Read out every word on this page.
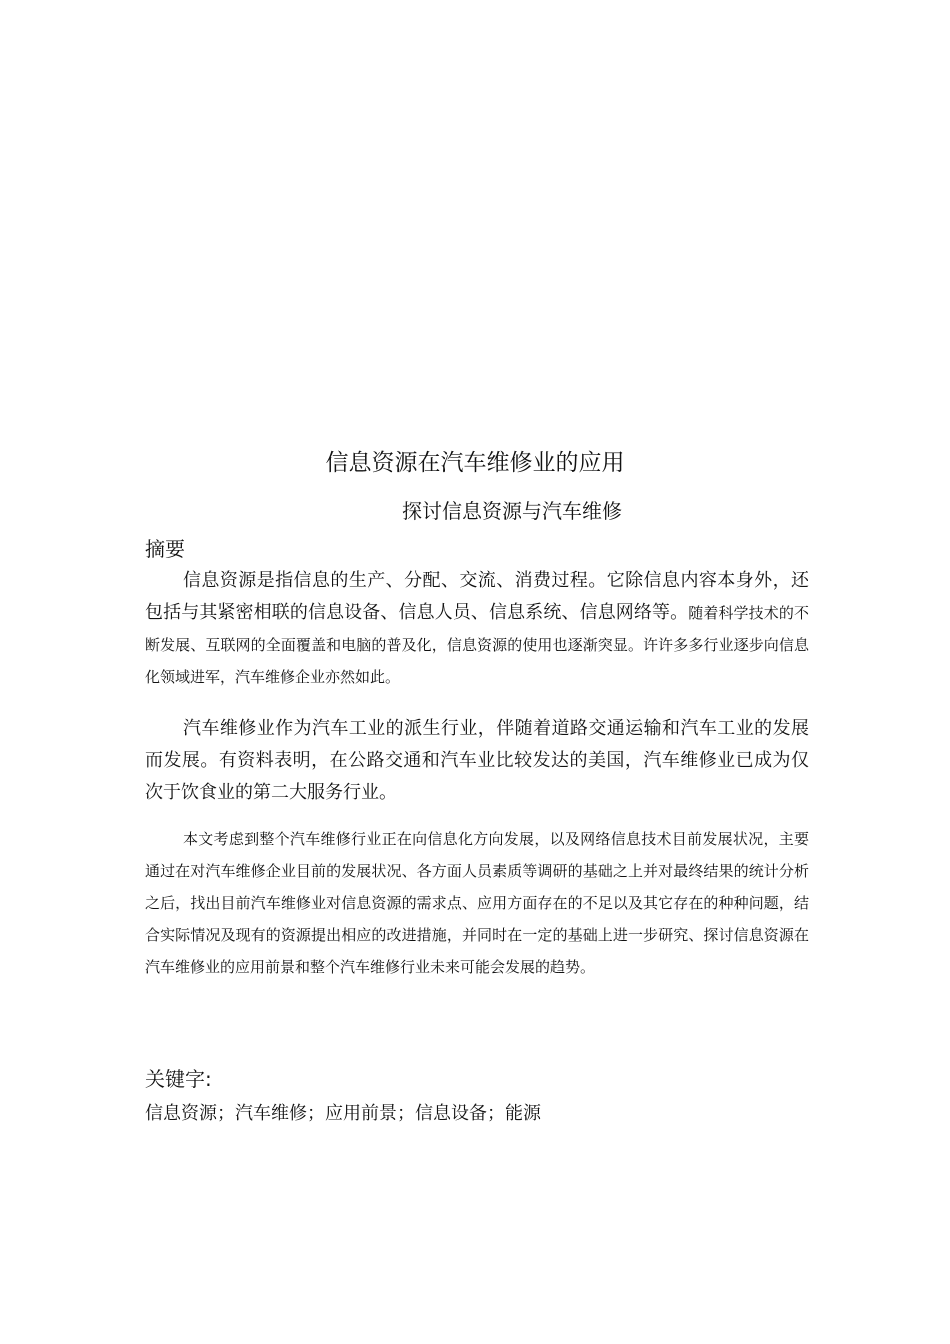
信息资源在汽车维修业的应用
探讨信息资源与汽车维修
摘要

信息资源是指信息的生产、分配、交流、消费过程。它除信息内容本身外，还包括与其紧密相联的信息设备、信息人员、信息系统、信息网络等。随着科学技术的不断发展、互联网的全面覆盖和电脑的普及化，信息资源的使用也逐渐突显。许许多多行业逐步向信息化领域进军，汽车维修企业亦然如此。

汽车维修业作为汽车工业的派生行业，伴随着道路交通运输和汽车工业的发展而发展。有资料表明，在公路交通和汽车业比较发达的美国，汽车维修业已成为仅次于饮食业的第二大服务行业。

本文考虑到整个汽车维修行业正在向信息化方向发展，以及网络信息技术目前发展状况，主要通过在对汽车维修企业目前的发展状况、各方面人员素质等调研的基础之上并对最终结果的统计分析之后，找出目前汽车维修业对信息资源的需求点、应用方面存在的不足以及其它存在的种种问题，结合实际情况及现有的资源提出相应的改进措施，并同时在一定的基础上进一步研究、探讨信息资源在汽车维修业的应用前景和整个汽车维修行业未来可能会发展的趋势。

关键字:

信息资源；汽车维修；应用前景；信息设备；能源
